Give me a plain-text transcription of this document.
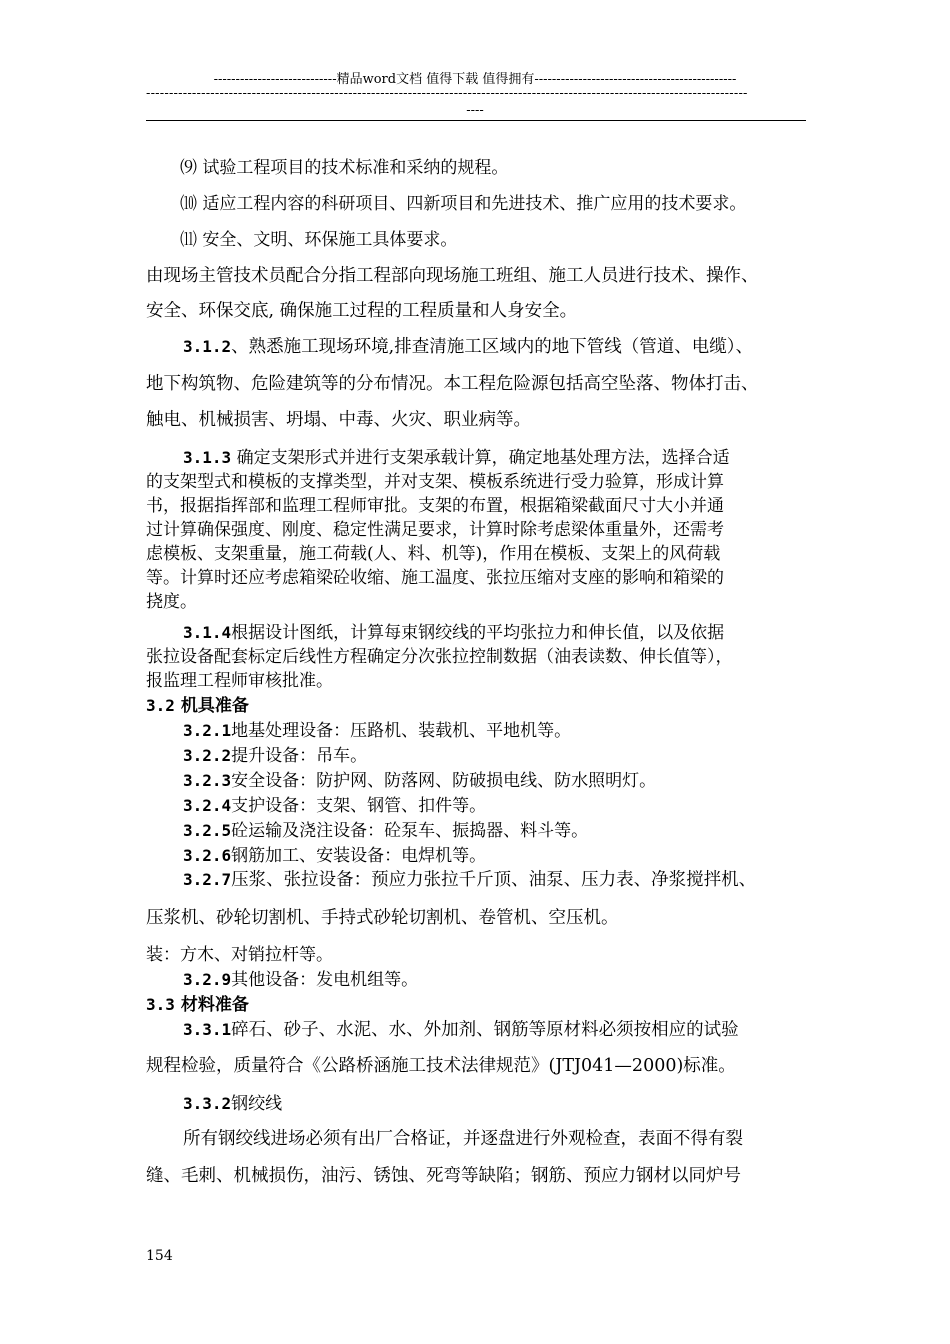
----------------------------精品word文档 值得下载 值得拥有----------------------------------------------
-----------------------------------------------------------------------------------------------------------------------------------
----
⑼ 试验工程项目的技术标准和采纳的规程。
⑽ 适应工程内容的科研项目、四新项目和先进技术、推广应用的技术要求。
⑾ 安全、文明、环保施工具体要求。
由现场主管技术员配合分指工程部向现场施工班组、施工人员进行技术、操作、
安全、环保交底, 确保施工过程的工程质量和人身安全。
3.1.2、熟悉施工现场环境,排查清施工区域内的地下管线（管道、电缆）、
地下构筑物、危险建筑等的分布情况。本工程危险源包括高空坠落、物体打击、
触电、机械损害、坍塌、中毒、火灾、职业病等。
3.1.3 确定支架形式并进行支架承载计算，确定地基处理方法，选择合适
的支架型式和模板的支撑类型，并对支架、模板系统进行受力验算，形成计算
书，报据指挥部和监理工程师审批。支架的布置，根据箱梁截面尺寸大小并通
过计算确保强度、刚度、稳定性满足要求，计算时除考虑梁体重量外，还需考
虑模板、支架重量，施工荷载(人、料、机等)，作用在模板、支架上的风荷载
等。计算时还应考虑箱梁砼收缩、施工温度、张拉压缩对支座的影响和箱梁的
挠度。
3.1.4根据设计图纸，计算每束钢绞线的平均张拉力和伸长值，以及依据
张拉设备配套标定后线性方程确定分次张拉控制数据（油表读数、伸长值等），
报监理工程师审核批准。
3.2 机具准备
3.2.1地基处理设备：压路机、装载机、平地机等。
3.2.2提升设备：吊车。
3.2.3安全设备：防护网、防落网、防破损电线、防水照明灯。
3.2.4支护设备：支架、钢管、扣件等。
3.2.5砼运输及浇注设备：砼泵车、振捣器、料斗等。
3.2.6钢筋加工、安装设备：电焊机等。
3.2.7压浆、张拉设备：预应力张拉千斤顶、油泵、压力表、净浆搅拌机、
压浆机、砂轮切割机、手持式砂轮切割机、卷管机、空压机。
装：方木、对销拉杆等。
3.2.9其他设备：发电机组等。
3.3 材料准备
3.3.1碎石、砂子、水泥、水、外加剂、钢筋等原材料必须按相应的试验
规程检验，质量符合《公路桥涵施工技术法律规范》(JTJ041—2000)标准。
3.3.2钢绞线
所有钢绞线进场必须有出厂合格证，并逐盘进行外观检查，表面不得有裂
缝、毛刺、机械损伤，油污、锈蚀、死弯等缺陷；钢筋、预应力钢材以同炉号
154
